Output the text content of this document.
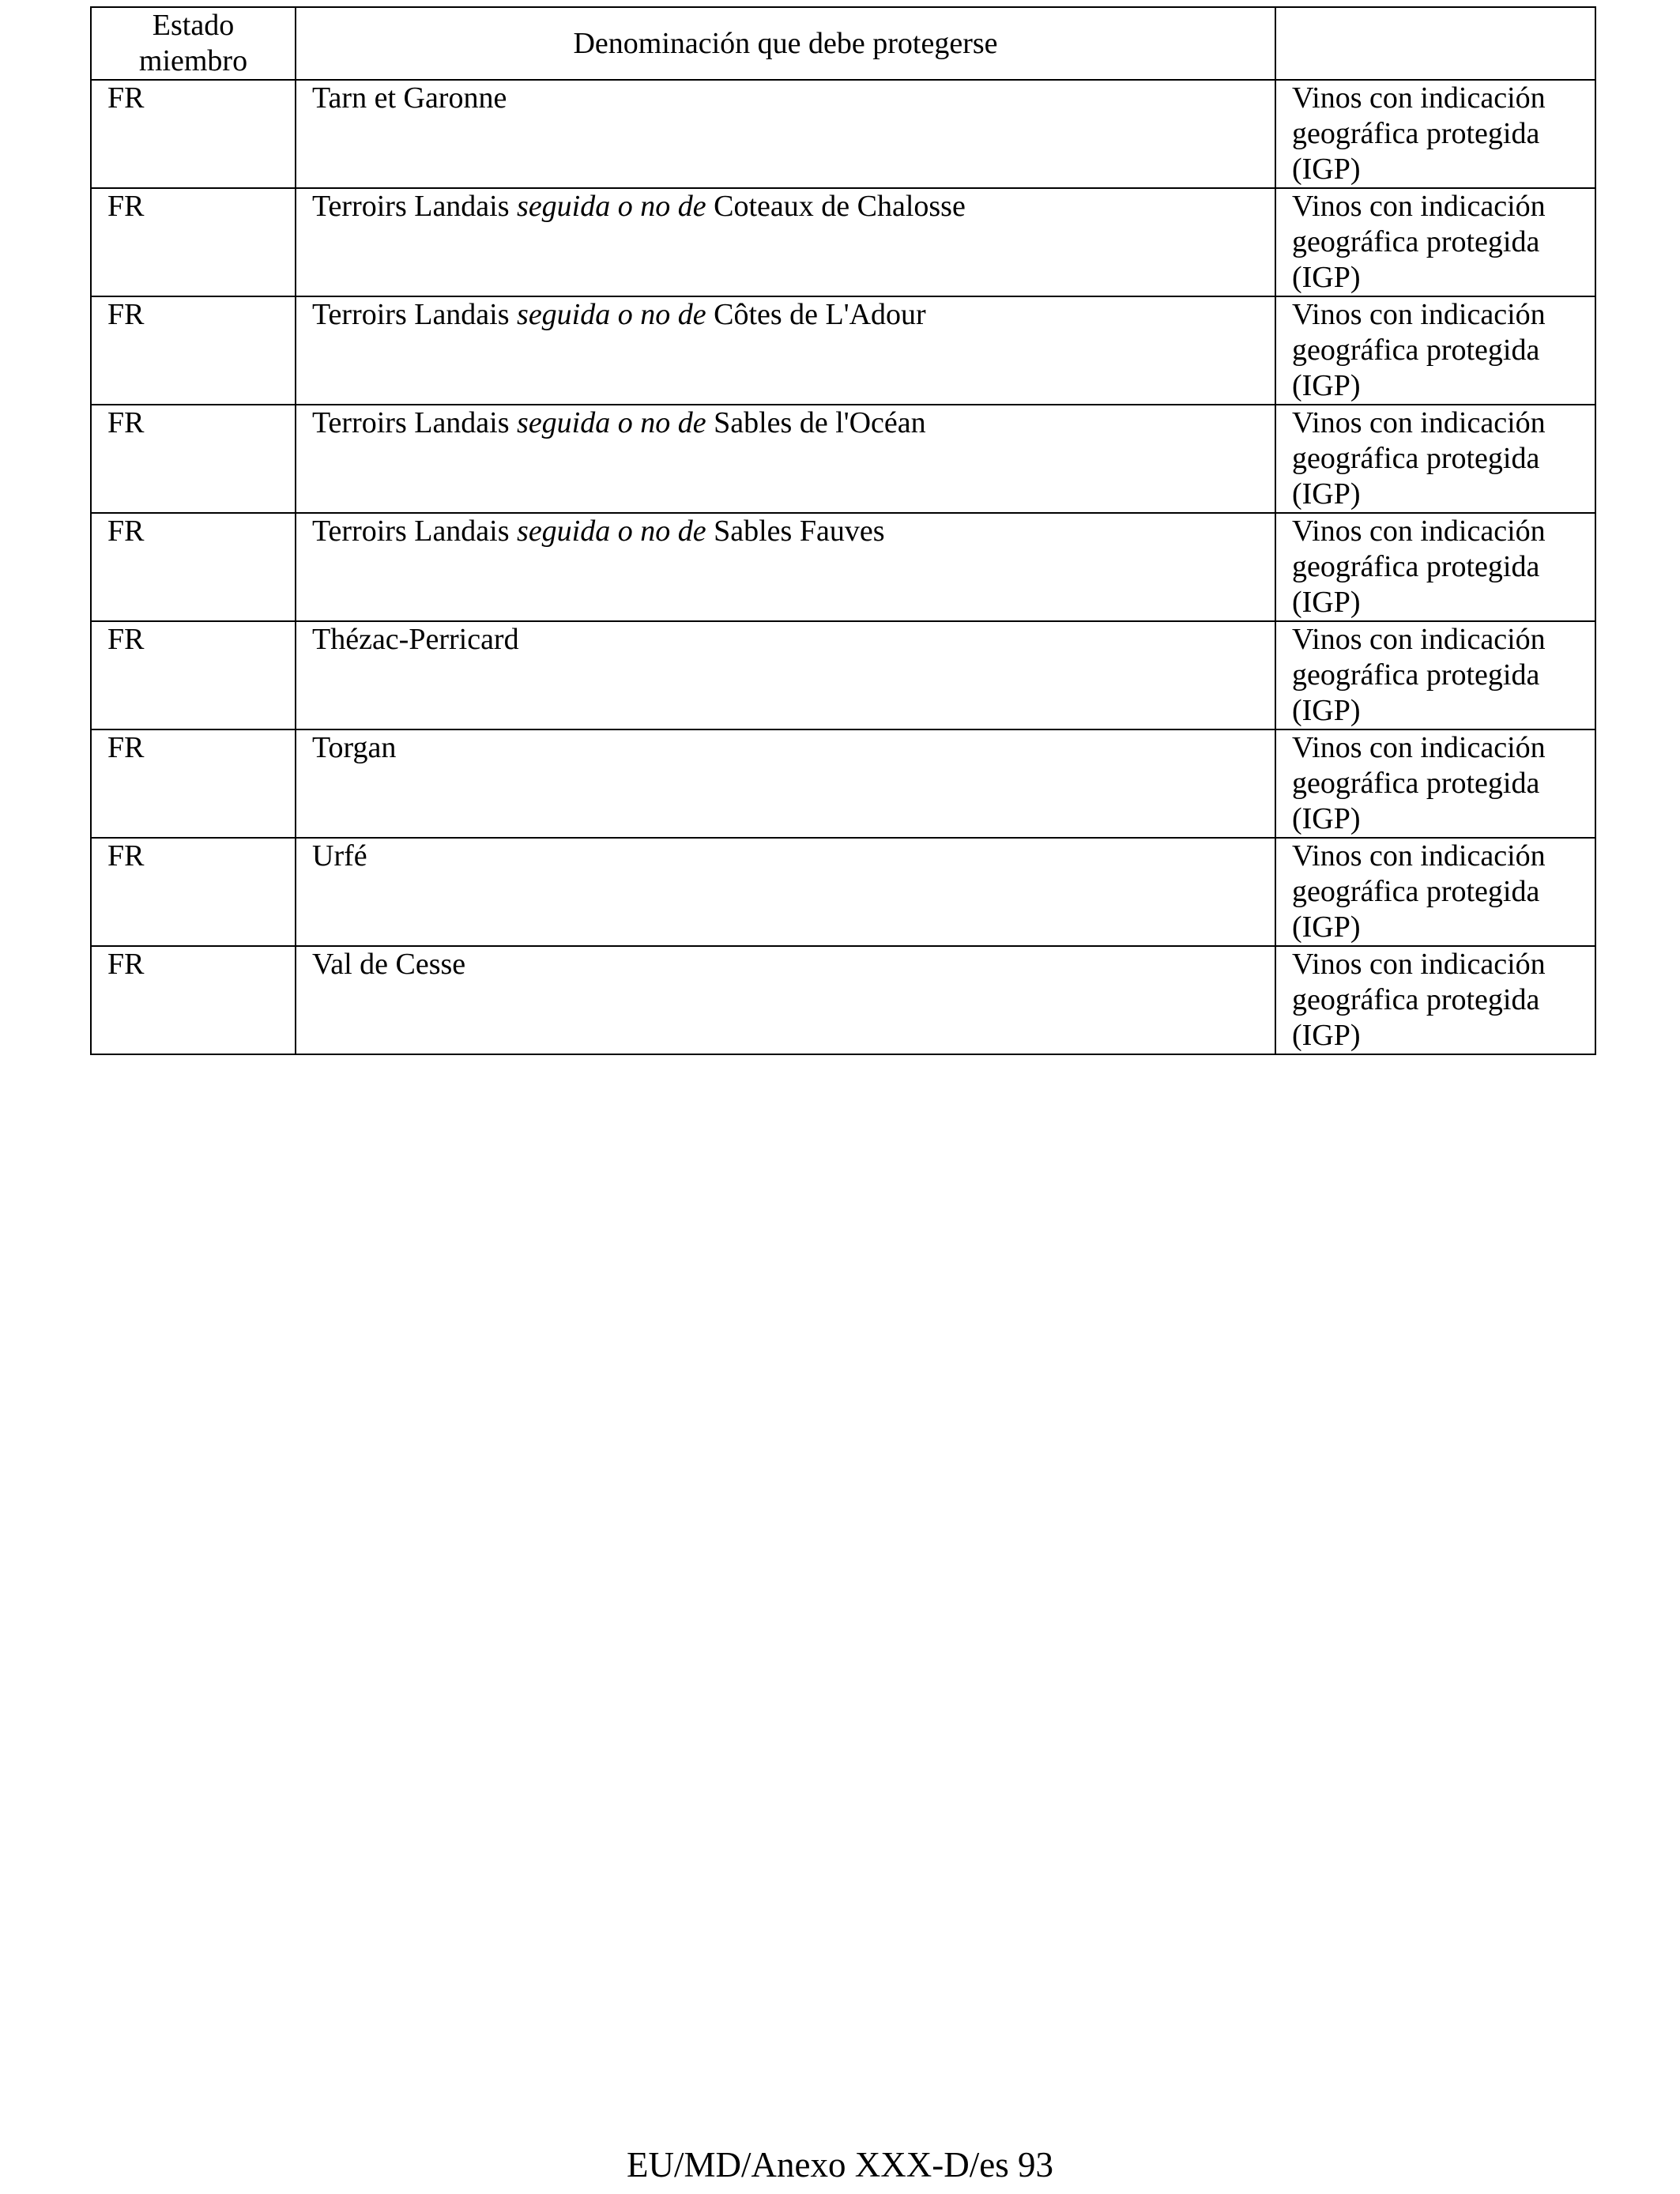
Estado
miembro	Denominación que debe protegerse	
FR	Tarn et Garonne	Vinos con indicación
geográfica protegida
(IGP)

FR	Terroirs Landais seguida o no de Coteaux de Chalosse	Vinos con indicación
geográfica protegida
(IGP)

FR	Terroirs Landais seguida o no de Côtes de L'Adour	Vinos con indicación
geográfica protegida
(IGP)

FR	Terroirs Landais seguida o no de Sables de l'Océan	Vinos con indicación
geográfica protegida
(IGP)

FR	Terroirs Landais seguida o no de Sables Fauves	Vinos con indicación
geográfica protegida
(IGP)

FR	Thézac-Perricard	Vinos con indicación
geográfica protegida
(IGP)

FR	Torgan	Vinos con indicación
geográfica protegida
(IGP)

FR	Urfé	Vinos con indicación
geográfica protegida
(IGP)

FR	Val de Cesse	Vinos con indicación
geográfica protegida
(IGP)
EU/MD/Anexo XXX-D/es 93
